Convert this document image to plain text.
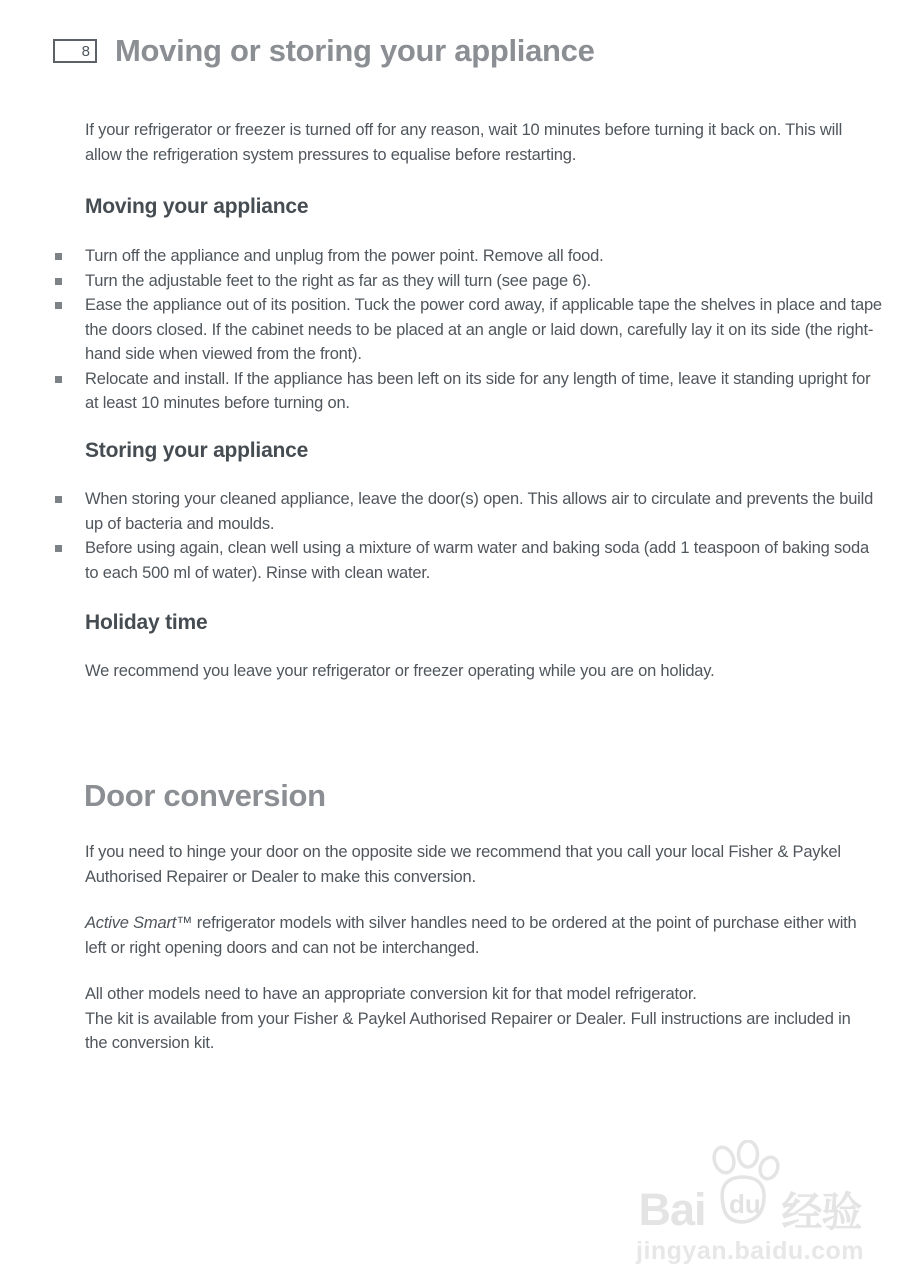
8 Moving or storing your appliance

If your refrigerator or freezer is turned off for any reason, wait 10 minutes before turning it back on. This will allow the refrigeration system pressures to equalise before restarting.

Moving your appliance
Turn off the appliance and unplug from the power point. Remove all food.
Turn the adjustable feet to the right as far as they will turn (see page 6).
Ease the appliance out of its position. Tuck the power cord away, if applicable tape the shelves in place and tape the doors closed. If the cabinet needs to be placed at an angle or laid down, carefully lay it on its side (the right-hand side when viewed from the front).
Relocate and install. If the appliance has been left on its side for any length of time, leave it standing upright for at least 10 minutes before turning on.
Storing your appliance
When storing your cleaned appliance, leave the door(s) open. This allows air to circulate and prevents the build up of bacteria and moulds.
Before using again, clean well using a mixture of warm water and baking soda (add 1 teaspoon of baking soda to each 500 ml of water). Rinse with clean water.
Holiday time

We recommend you leave your refrigerator or freezer operating while you are on holiday.

Door conversion

If you need to hinge your door on the opposite side we recommend that you call your local Fisher & Paykel Authorised Repairer or Dealer to make this conversion.

Active Smart™ refrigerator models with silver handles need to be ordered at the point of purchase either with left or right opening doors and can not be interchanged.

All other models need to have an appropriate conversion kit for that model refrigerator.
The kit is available from your Fisher & Paykel Authorised Repairer or Dealer. Full instructions are included in the conversion kit.

Bai du 经验
jingyan.baidu.com
